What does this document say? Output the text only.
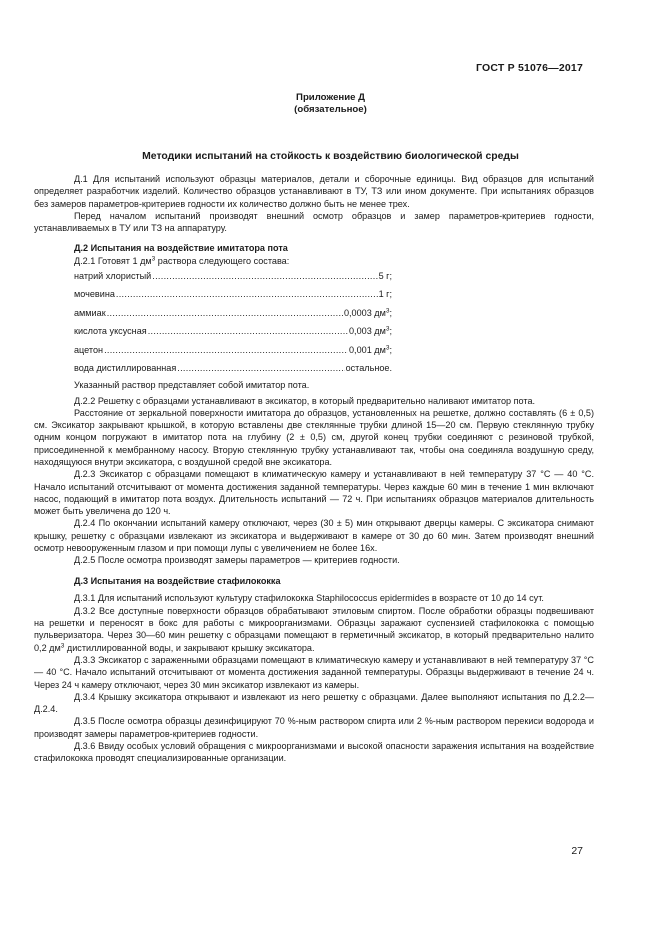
ГОСТ Р 51076—2017
Приложение Д
(обязательное)
Методики испытаний на стойкость к воздействию биологической среды

Д.1 Для испытаний используют образцы материалов, детали и сборочные единицы. Вид образцов для испытаний определяет разработчик изделий. Количество образцов устанавливают в ТУ, ТЗ или ином документе. При испытаниях образцов без замеров параметров-критериев годности их количество должно быть не менее трех.

Перед началом испытаний производят внешний осмотр образцов и замер параметров-критериев годности, устанавливаемых в ТУ или ТЗ на аппаратуру.

Д.2 Испытания на воздействие имитатора пота

Д.2.1 Готовят 1 $дм^3$ раствора следующего состава:

натрий хлористый .....	5 г;
мочевина .....	1 г;
аммиак .....	0,0003 $дм^3$;
кислота уксусная .....	0,003 $дм^3$;
ацетон .....	0,001 $дм^3$;
вода дистиллированная .....	остальное.

Указанный раствор представляет собой имитатор пота.

Д.2.2 Решетку с образцами устанавливают в эксикатор, в который предварительно наливают имитатор пота.

Расстояние от зеркальной поверхности имитатора до образцов, установленных на решетке, должно составлять (6 ± 0,5) см. Эксикатор закрывают крышкой, в которую вставлены две стеклянные трубки длиной 15—20 см. Первую стеклянную трубку одним концом погружают в имитатор пота на глубину (2 ± 0,5) см, другой конец трубки соединяют с резиновой трубкой, присоединенной к мембранному насосу. Вторую стеклянную трубку устанавливают так, чтобы она соединяла воздушную среду, находящуюся внутри эксикатора, с воздушной средой вне эксикатора.

Д.2.3 Эксикатор с образцами помещают в климатическую камеру и устанавливают в ней температуру 37 °С — 40 °С. Начало испытаний отсчитывают от момента достижения заданной температуры. Через каждые 60 мин в течение 1 мин включают насос, подающий в имитатор пота воздух. Длительность испытаний — 72 ч. При испытаниях образцов материалов длительность может быть увеличена до 120 ч.

Д.2.4 По окончании испытаний камеру отключают, через (30 ± 5) мин открывают дверцы камеры. С эксикатора снимают крышку, решетку с образцами извлекают из эксикатора и выдерживают в камере от 30 до 60 мин. Затем производят внешний осмотр невооруженным глазом и при помощи лупы с увеличением не более 16х.

Д.2.5 После осмотра производят замеры параметров — критериев годности.

Д.3 Испытания на воздействие стафилококка

Д.3.1 Для испытаний используют культуру стафилококка Staphilococcus epidermides в возрасте от 10 до 14 сут.

Д.3.2 Все доступные поверхности образцов обрабатывают этиловым спиртом. После обработки образцы подвешивают на решетки и переносят в бокс для работы с микроорганизмами. Образцы заражают суспензией стафилококка с помощью пульверизатора. Через 30—60 мин решетку с образцами помещают в герметичный эксикатор, в который предварительно налито 0,2 $дм^3$ дистиллированной воды, и закрывают крышку эксикатора.

Д.3.3 Эксикатор с зараженными образцами помещают в климатическую камеру и устанавливают в ней температуру 37 °С — 40 °С. Начало испытаний отсчитывают от момента достижения заданной температуры. Образцы выдерживают в течение 24 ч. Через 24 ч камеру отключают, через 30 мин эксикатор извлекают из камеры.

Д.3.4 Крышку эксикатора открывают и извлекают из него решетку с образцами. Далее выполняют испытания по Д.2.2—Д.2.4.

Д.3.5 После осмотра образцы дезинфицируют 70 %-ным раствором спирта или 2 %-ным раствором перекиси водорода и производят замеры параметров-критериев годности.

Д.3.6 Ввиду особых условий обращения с микроорганизмами и высокой опасности заражения испытания на воздействие стафилококка проводят специализированные организации.

27
